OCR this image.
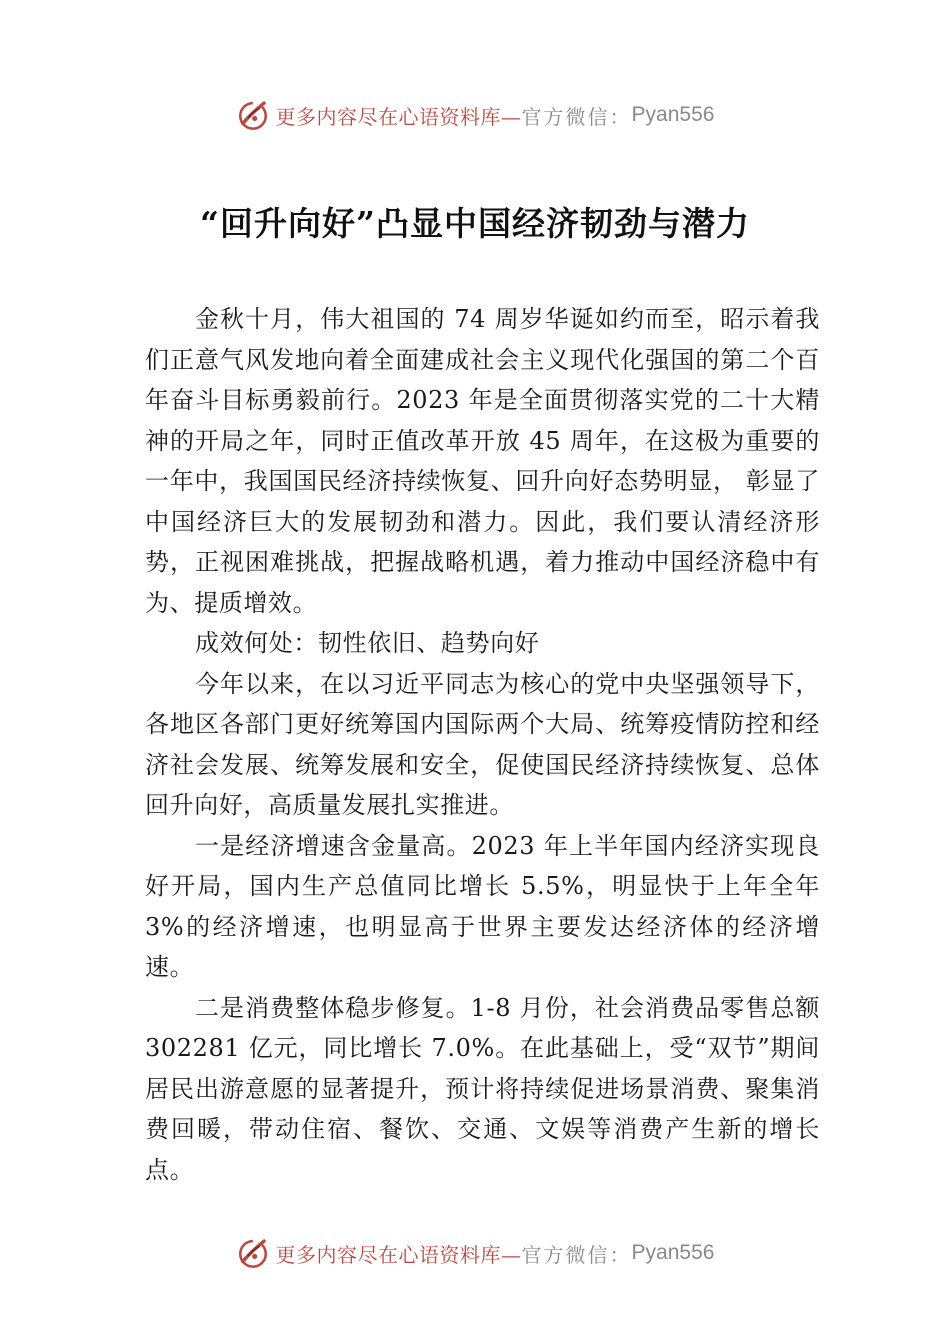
更多内容尽在心语资料库— 官方微信： Pyan556
“回升向好”凸显中国经济韧劲与潜力

金秋十月，伟大祖国的 74 周岁华诞如约而至，昭示着我们正意气风发地向着全面建成社会主义现代化强国的第二个百年奋斗目标勇毅前行。2023 年是全面贯彻落实党的二十大精神的开局之年，同时正值改革开放 45 周年，在这极为重要的一年中，我国国民经济持续恢复、回升向好态势明显， 彰显了中国经济巨大的发展韧劲和潜力。因此，我们要认清经济形势，正视困难挑战，把握战略机遇，着力推动中国经济稳中有为、提质增效。

成效何处：韧性依旧、趋势向好

今年以来，在以习近平同志为核心的党中央坚强领导下，各地区各部门更好统筹国内国际两个大局、统筹疫情防控和经济社会发展、统筹发展和安全，促使国民经济持续恢复、总体回升向好，高质量发展扎实推进。

一是经济增速含金量高。2023 年上半年国内经济实现良好开局，国内生产总值同比增长 5.5%，明显快于上年全年 3%的经济增速，也明显高于世界主要发达经济体的经济增速。

二是消费整体稳步修复。1-8 月份，社会消费品零售总额302281 亿元，同比增长 7.0%。在此基础上，受“双节”期间居民出游意愿的显著提升，预计将持续促进场景消费、聚集消费回暖，带动住宿、餐饮、交通、文娱等消费产生新的增长点。

更多内容尽在心语资料库— 官方微信： Pyan556
